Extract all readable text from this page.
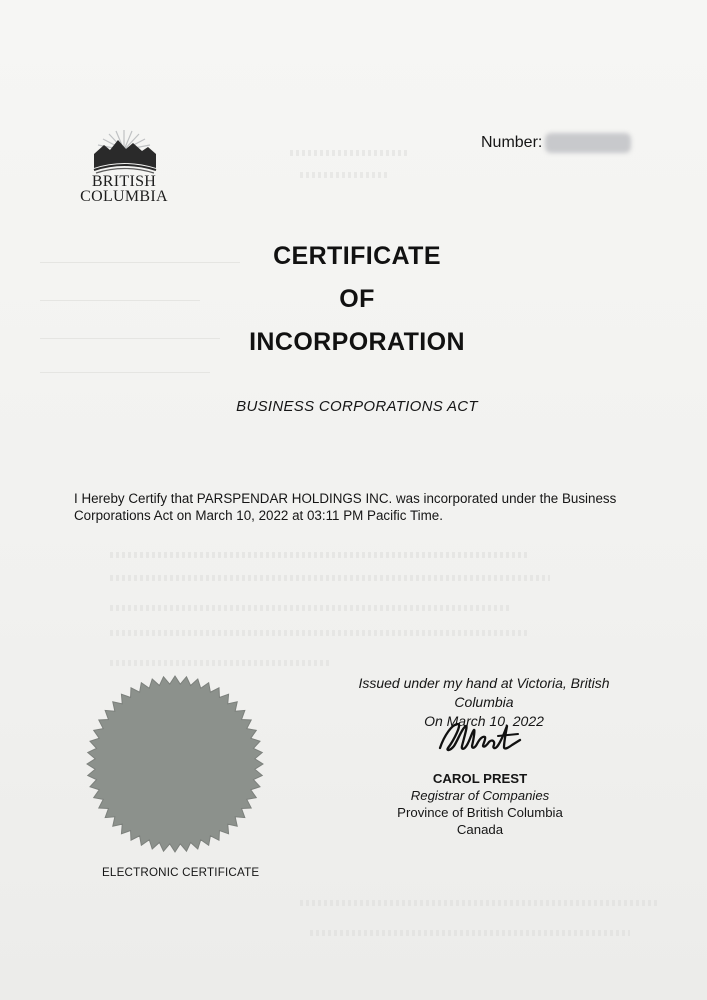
BRITISH
COLUMBIA
Number:
CERTIFICATE
OF
INCORPORATION
BUSINESS CORPORATIONS ACT
I Hereby Certify that PARSPENDAR HOLDINGS INC. was incorporated under the Business Corporations Act on March 10, 2022 at 03:11 PM Pacific Time.
ELECTRONIC CERTIFICATE
Issued under my hand at Victoria, British Columbia
On March 10, 2022
CAROL PREST
Registrar of Companies
Province of British Columbia
Canada
